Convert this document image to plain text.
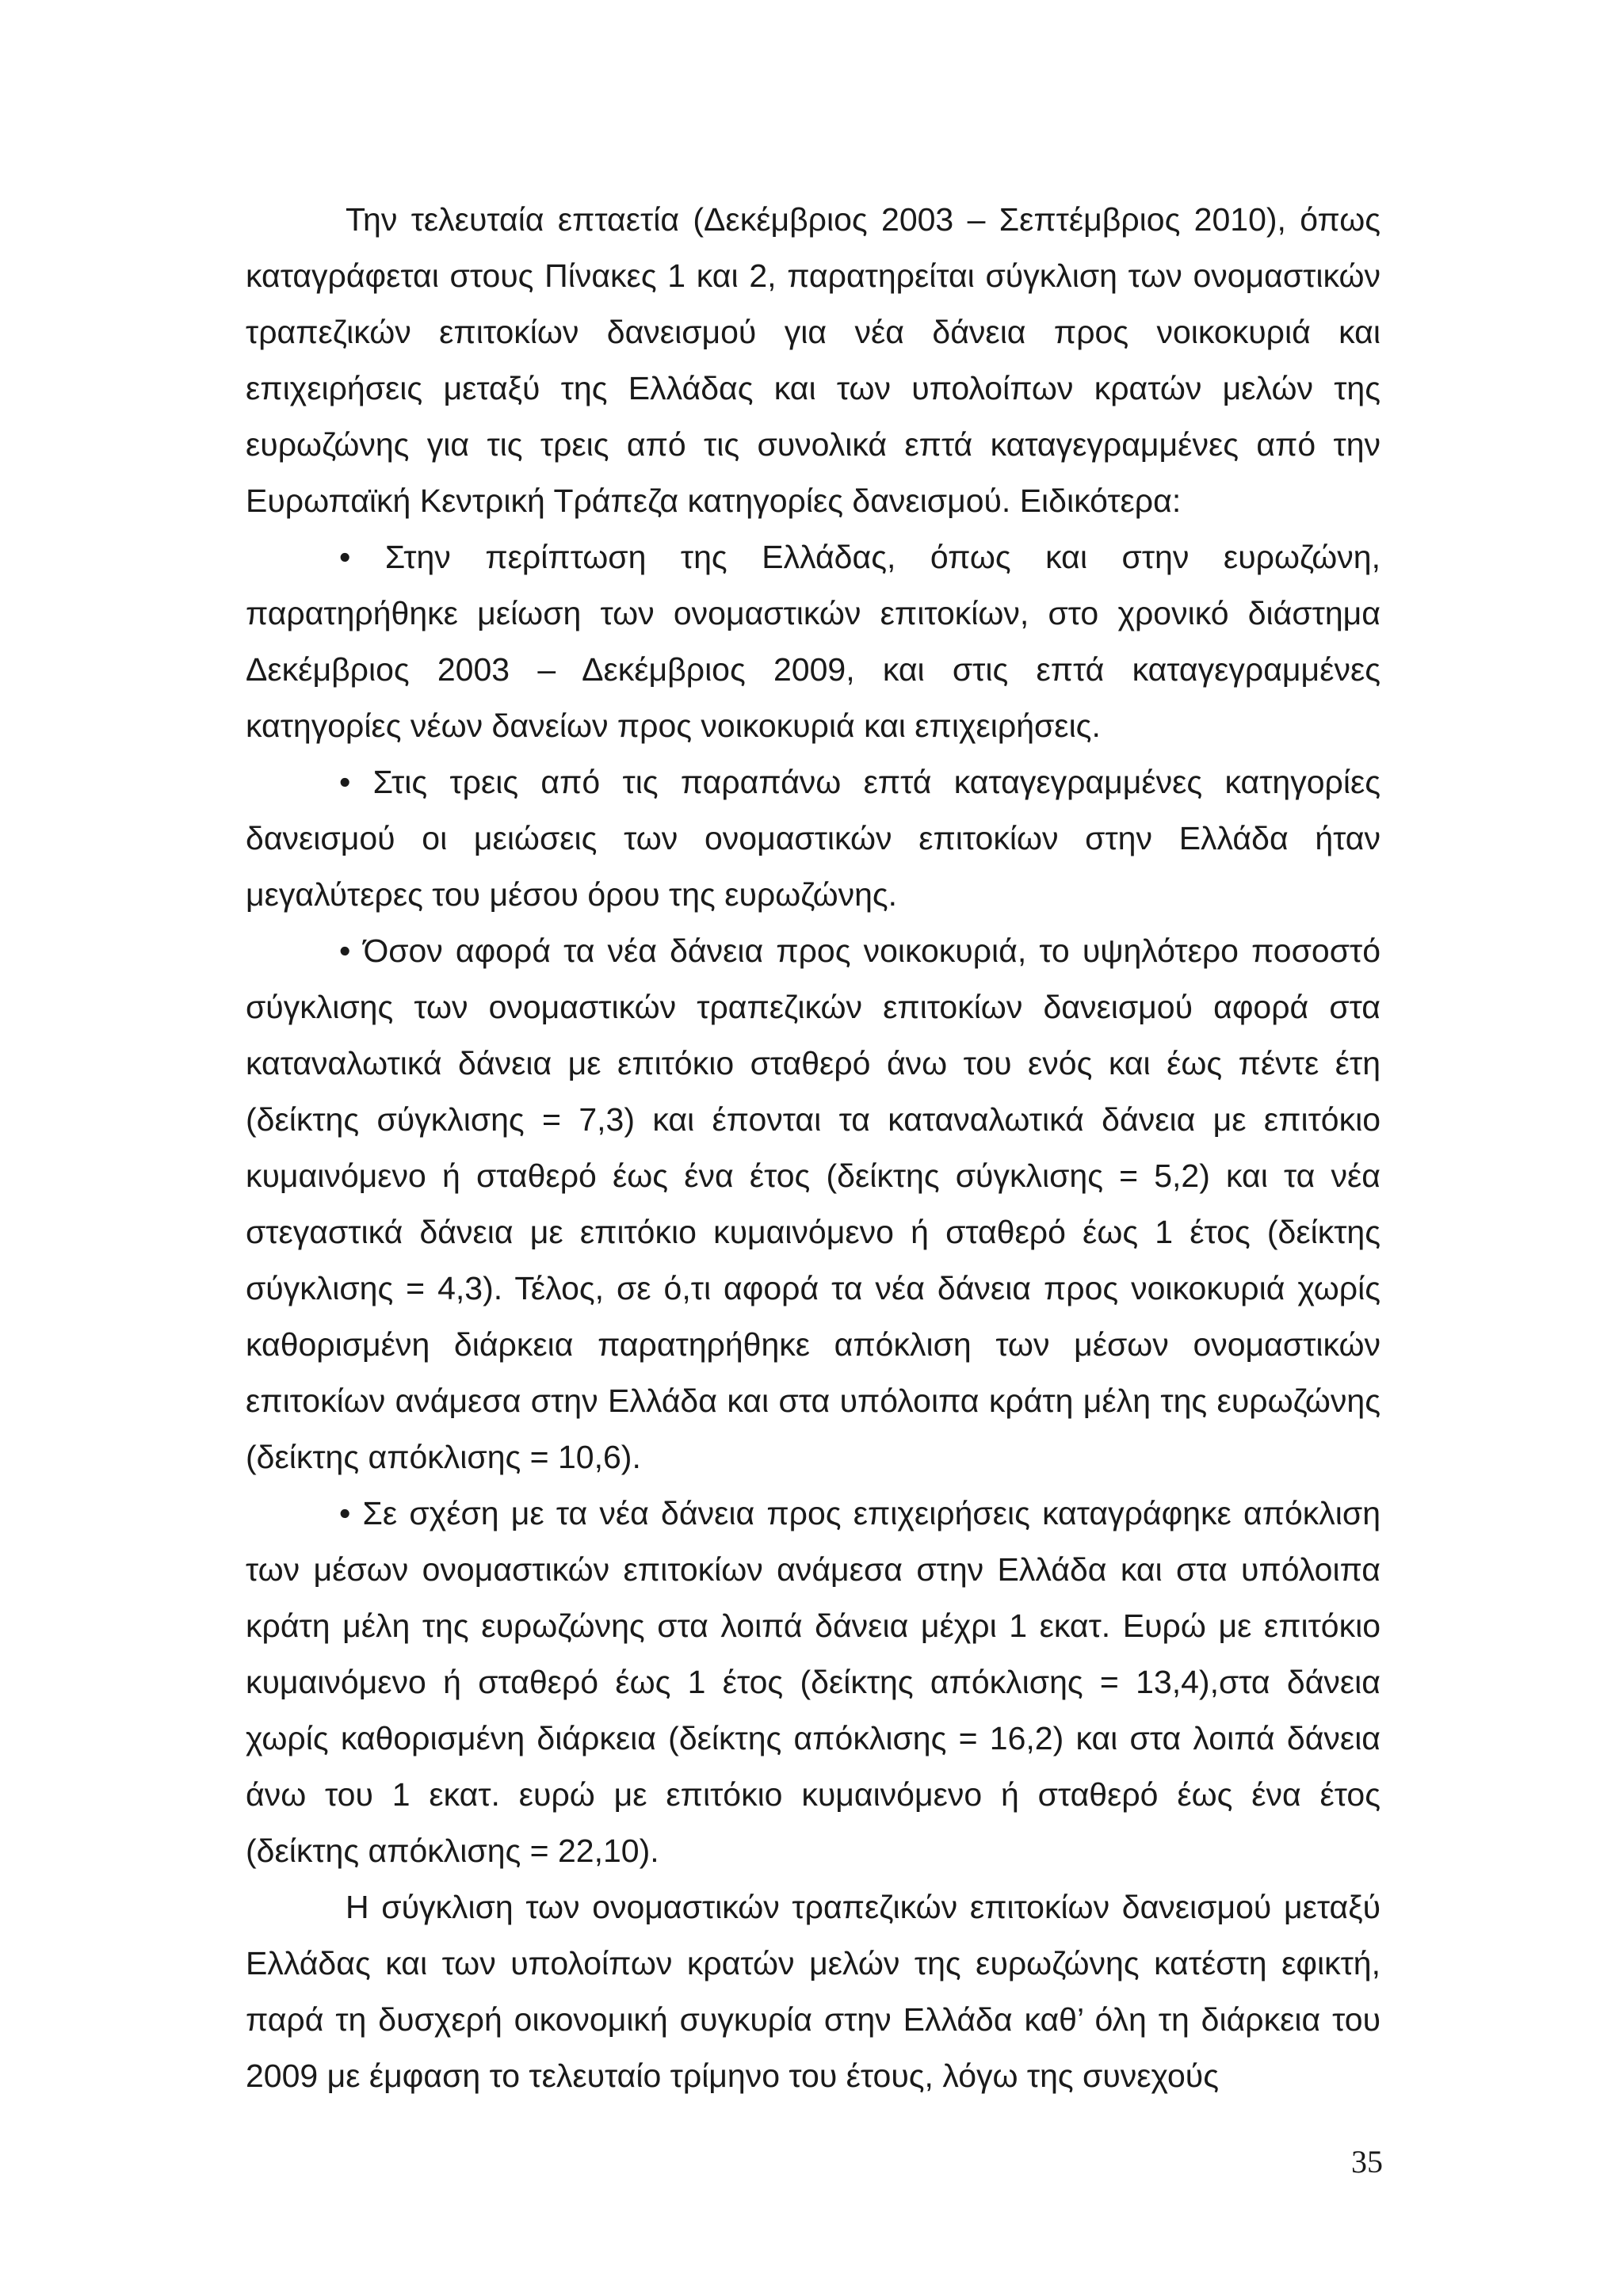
Την τελευταία επταετία (Δεκέμβριος 2003 – Σεπτέμβριος 2010), όπως καταγράφεται στους Πίνακες 1 και 2, παρατηρείται σύγκλιση των ονομαστικών τραπεζικών επιτοκίων δανεισμού για νέα δάνεια προς νοικοκυριά και επιχειρήσεις μεταξύ της Ελλάδας και των υπολοίπων κρατών μελών της ευρωζώνης για τις τρεις από τις συνολικά επτά καταγεγραμμένες από την Ευρωπαϊκή Κεντρική Τράπεζα κατηγορίες δανεισμού. Ειδικότερα:

• Στην περίπτωση της Ελλάδας, όπως και στην ευρωζώνη, παρατηρήθηκε μείωση των ονομαστικών επιτοκίων, στο χρονικό διάστημα Δεκέμβριος 2003 – Δεκέμβριος 2009, και στις επτά καταγεγραμμένες κατηγορίες νέων δανείων προς νοικοκυριά και επιχειρήσεις.

• Στις τρεις από τις παραπάνω επτά καταγεγραμμένες κατηγορίες δανεισμού οι μειώσεις των ονομαστικών επιτοκίων στην Ελλάδα ήταν μεγαλύτερες του μέσου όρου της ευρωζώνης.

• Όσον αφορά τα νέα δάνεια προς νοικοκυριά, το υψηλότερο ποσοστό σύγκλισης των ονομαστικών τραπεζικών επιτοκίων δανεισμού αφορά στα καταναλωτικά δάνεια με επιτόκιο σταθερό άνω του ενός και έως πέντε έτη (δείκτης σύγκλισης = 7,3) και έπονται τα καταναλωτικά δάνεια με επιτόκιο κυμαινόμενο ή σταθερό έως ένα έτος (δείκτης σύγκλισης = 5,2) και τα νέα στεγαστικά δάνεια με επιτόκιο κυμαινόμενο ή σταθερό έως 1 έτος (δείκτης σύγκλισης = 4,3). Τέλος, σε ό,τι αφορά τα νέα δάνεια προς νοικοκυριά χωρίς καθορισμένη διάρκεια παρατηρήθηκε απόκλιση των μέσων ονομαστικών επιτοκίων ανάμεσα στην Ελλάδα και στα υπόλοιπα κράτη μέλη της ευρωζώνης (δείκτης απόκλισης = 10,6).

• Σε σχέση με τα νέα δάνεια προς επιχειρήσεις καταγράφηκε απόκλιση των μέσων ονομαστικών επιτοκίων ανάμεσα στην Ελλάδα και στα υπόλοιπα κράτη μέλη της ευρωζώνης στα λοιπά δάνεια μέχρι 1 εκατ. Ευρώ με επιτόκιο κυμαινόμενο ή σταθερό έως 1 έτος (δείκτης απόκλισης = 13,4),στα δάνεια χωρίς καθορισμένη διάρκεια (δείκτης απόκλισης = 16,2) και στα λοιπά δάνεια άνω του 1 εκατ. ευρώ με επιτόκιο κυμαινόμενο ή σταθερό έως ένα έτος (δείκτης απόκλισης = 22,10).

Η σύγκλιση των ονομαστικών τραπεζικών επιτοκίων δανεισμού μεταξύ Ελλάδας και των υπολοίπων κρατών μελών της ευρωζώνης κατέστη εφικτή, παρά τη δυσχερή οικονομική συγκυρία στην Ελλάδα καθ’ όλη τη διάρκεια του 2009 με έμφαση το τελευταίο τρίμηνο του έτους, λόγω της συνεχούς

35
